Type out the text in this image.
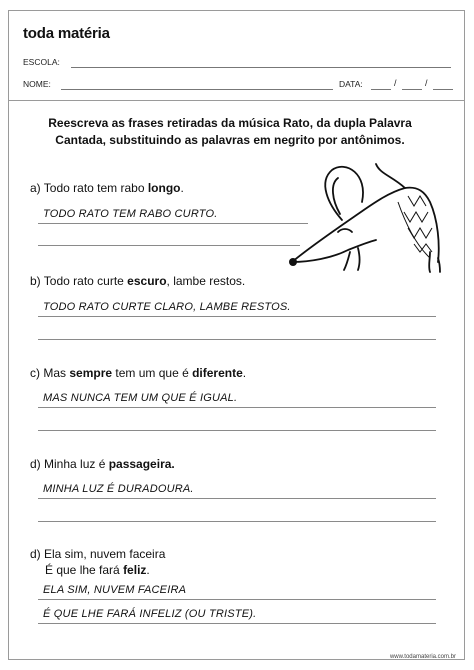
toda matéria
ESCOLA:
NOME:	DATA:	/	/
Reescreva as frases retiradas da música Rato, da dupla Palavra
Cantada, substituindo as palavras em negrito por antônimos.
a) Todo rato tem rabo longo.
TODO RATO TEM RABO CURTO.
b) Todo rato curte escuro, lambe restos.
TODO RATO CURTE CLARO, LAMBE RESTOS.
c) Mas sempre tem um que é diferente.
MAS NUNCA TEM UM QUE É IGUAL.
d) Minha luz é passageira.
MINHA LUZ É DURADOURA.
d) Ela sim, nuvem faceira
É que lhe fará feliz.
ELA SIM, NUVEM FACEIRA
É QUE LHE FARÁ INFELIZ (OU TRISTE).
www.todamateria.com.br
